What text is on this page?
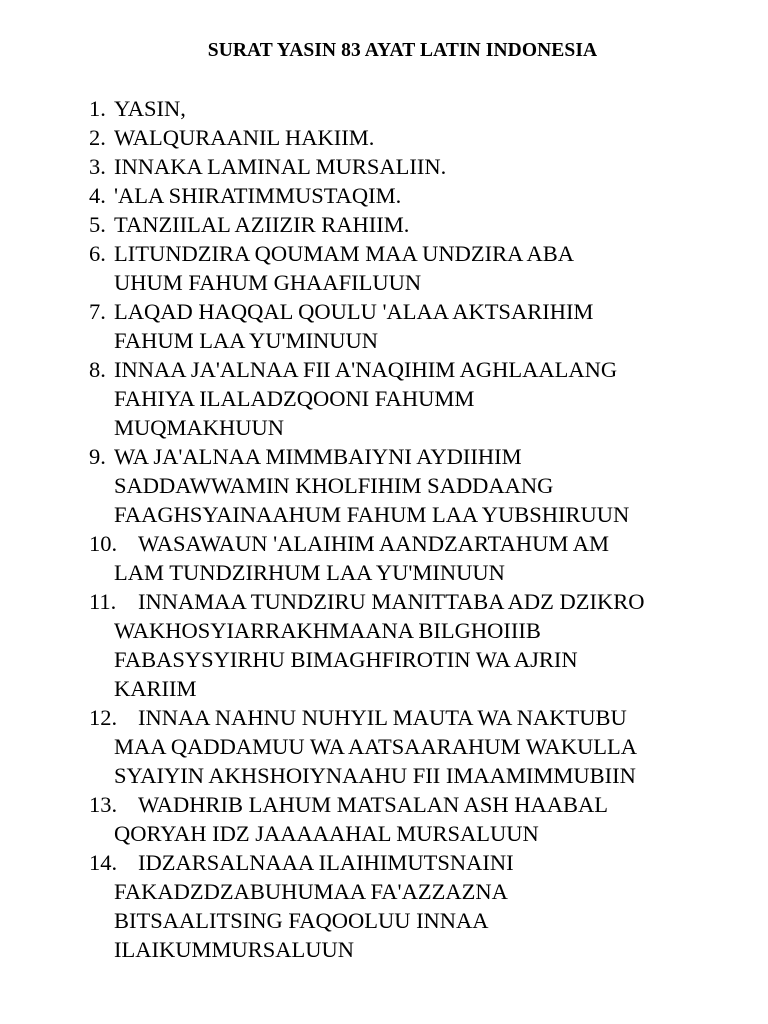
SURAT YASIN 83 AYAT LATIN INDONESIA
1. YASIN,
2. WALQURAANIL HAKIIM.
3. INNAKA LAMINAL MURSALIIN.
4. 'ALA SHIRATIMMUSTAQIM.
5. TANZIILAL AZIIZIR RAHIIM.
6. LITUNDZIRA QOUMAM MAA UNDZIRA ABA
UHUM FAHUM GHAAFILUUN
7. LAQAD HAQQAL QOULU 'ALAA AKTSARIHIM
FAHUM LAA YU'MINUUN
8. INNAA JA'ALNAA FII A'NAQIHIM AGHLAALANG
FAHIYA ILALADZQOONI FAHUMM
MUQMAKHUUN
9. WA JA'ALNAA MIMMBAIYNI AYDIIHIM
SADDAWWAMIN KHOLFIHIM SADDAANG
FAAGHSYAINAAHUM FAHUM LAA YUBSHIRUUN
10. WASAWAUN 'ALAIHIM AANDZARTAHUM AM
LAM TUNDZIRHUM LAA YU'MINUUN
11. INNAMAA TUNDZIRU MANITTABA ADZ DZIKRO
WAKHOSYIARRAKHMAANA BILGHOIIIB
FABASYSYIRHU BIMAGHFIROTIN WA AJRIN
KARIIM
12. INNAA NAHNU NUHYIL MAUTA WA NAKTUBU
MAA QADDAMUU WA AATSAARAHUM WAKULLA
SYAIYIN AKHSHOIYNAAHU FII IMAAMIMMUBIIN
13. WADHRIB LAHUM MATSALAN ASH HAABAL
QORYAH IDZ JAAAAAHAL MURSALUUN
14. IDZARSALNAAA ILAIHIMUTSNAINI
FAKADZDZABUHUMAA FA'AZZAZNA
BITSAALITSING FAQOOLUU INNAA
ILAIKUMMURSALUUN
